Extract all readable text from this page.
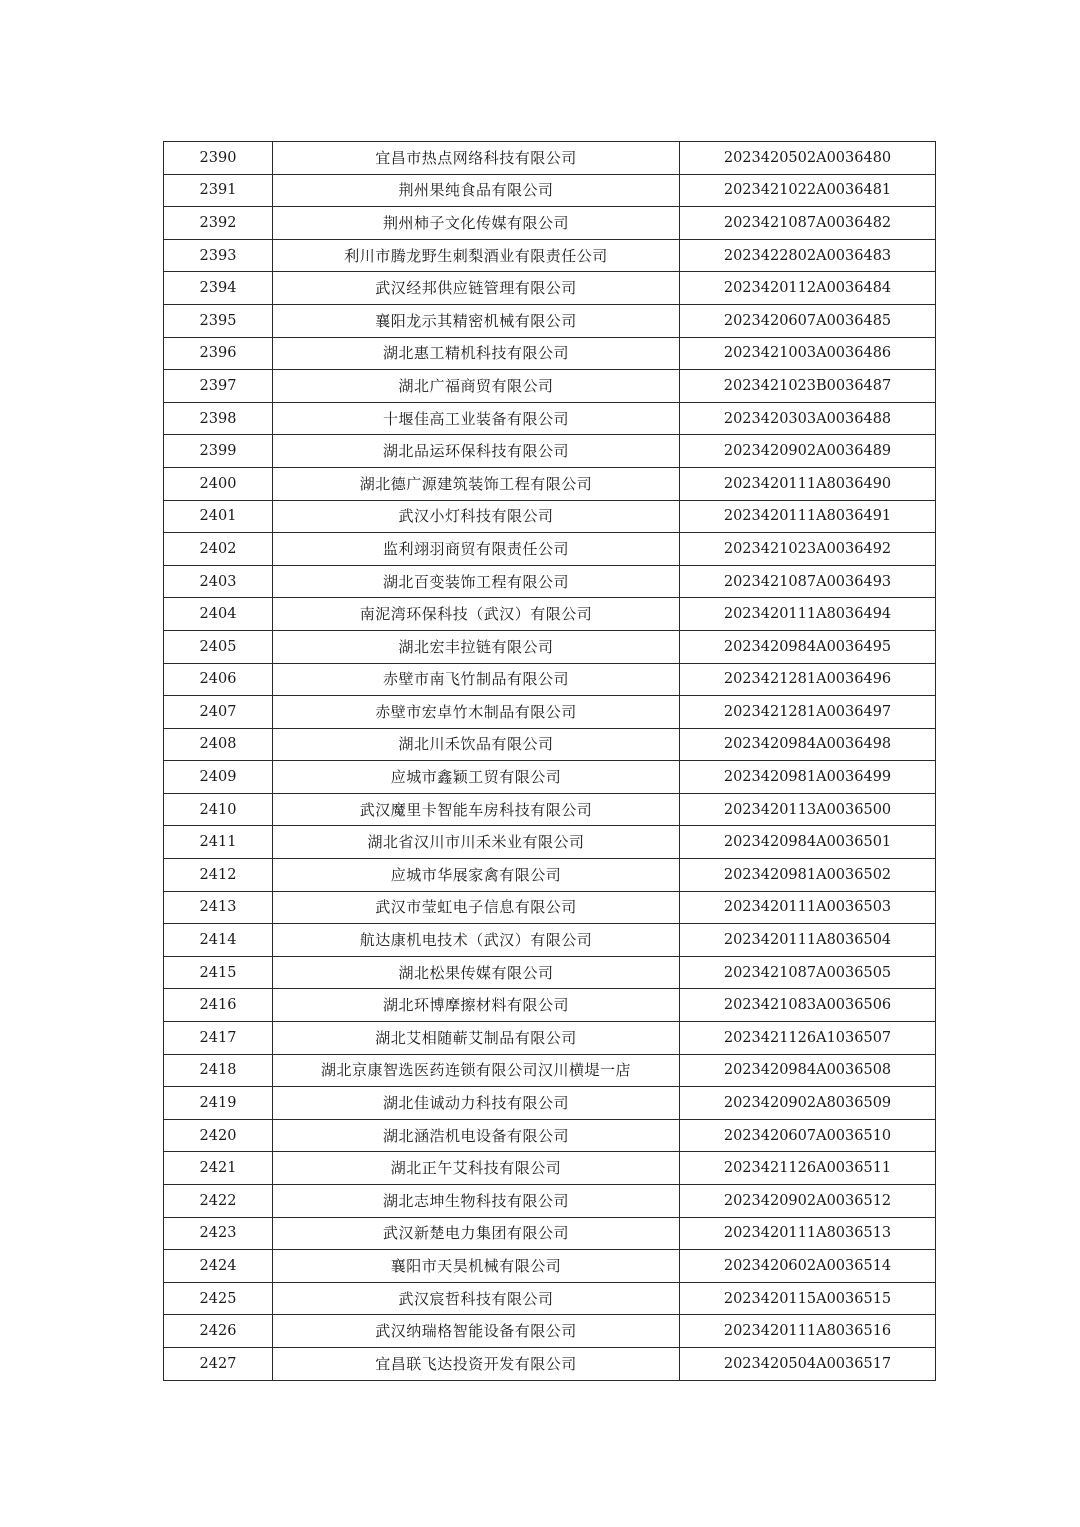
2390	宜昌市热点网络科技有限公司	2023420502A0036480
2391	荆州果纯食品有限公司	2023421022A0036481
2392	荆州柿子文化传媒有限公司	2023421087A0036482
2393	利川市腾龙野生刺梨酒业有限责任公司	2023422802A0036483
2394	武汉经邦供应链管理有限公司	2023420112A0036484
2395	襄阳龙示其精密机械有限公司	2023420607A0036485
2396	湖北惠工精机科技有限公司	2023421003A0036486
2397	湖北广福商贸有限公司	2023421023B0036487
2398	十堰佳高工业装备有限公司	2023420303A0036488
2399	湖北品运环保科技有限公司	2023420902A0036489
2400	湖北德广源建筑装饰工程有限公司	2023420111A8036490
2401	武汉小灯科技有限公司	2023420111A8036491
2402	监利翊羽商贸有限责任公司	2023421023A0036492
2403	湖北百变装饰工程有限公司	2023421087A0036493
2404	南泥湾环保科技（武汉）有限公司	2023420111A8036494
2405	湖北宏丰拉链有限公司	2023420984A0036495
2406	赤壁市南飞竹制品有限公司	2023421281A0036496
2407	赤壁市宏卓竹木制品有限公司	2023421281A0036497
2408	湖北川禾饮品有限公司	2023420984A0036498
2409	应城市鑫颖工贸有限公司	2023420981A0036499
2410	武汉魔里卡智能车房科技有限公司	2023420113A0036500
2411	湖北省汉川市川禾米业有限公司	2023420984A0036501
2412	应城市华展家禽有限公司	2023420981A0036502
2413	武汉市莹虹电子信息有限公司	2023420111A0036503
2414	航达康机电技术（武汉）有限公司	2023420111A8036504
2415	湖北松果传媒有限公司	2023421087A0036505
2416	湖北环博摩擦材料有限公司	2023421083A0036506
2417	湖北艾相随蕲艾制品有限公司	2023421126A1036507
2418	湖北京康智选医药连锁有限公司汉川横堤一店	2023420984A0036508
2419	湖北佳诚动力科技有限公司	2023420902A8036509
2420	湖北涵浩机电设备有限公司	2023420607A0036510
2421	湖北正午艾科技有限公司	2023421126A0036511
2422	湖北志坤生物科技有限公司	2023420902A0036512
2423	武汉新楚电力集团有限公司	2023420111A8036513
2424	襄阳市天昊机械有限公司	2023420602A0036514
2425	武汉宸哲科技有限公司	2023420115A0036515
2426	武汉纳瑞格智能设备有限公司	2023420111A8036516
2427	宜昌联飞达投资开发有限公司	2023420504A0036517
